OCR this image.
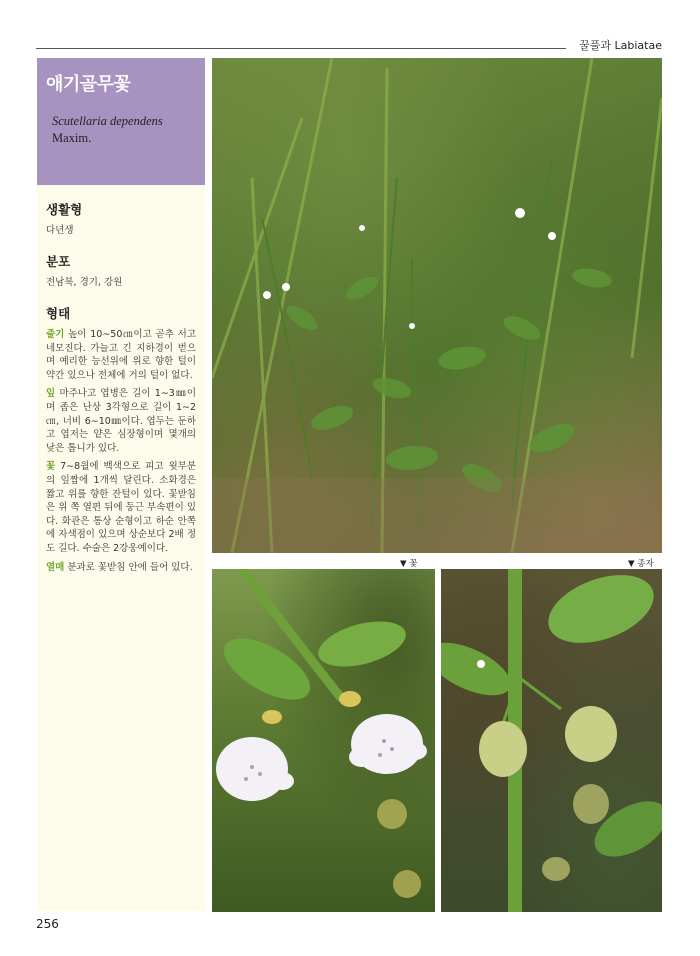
꿀풀과 Labiatae
애기골무꽃
Scutellaria dependens
Maxim.
생활형
다년생
분포
전남북, 경기, 강원
형태

줄기 높이 10∼50㎝이고 곧추 서고 네모진다. 가늘고 긴 지하경이 벋으며 예리한 능선위에 위로 향한 털이 약간 있으나 전체에 거의 털이 없다.

잎 마주나고 엽병은 길이 1∼3㎜이며 좁은 난상 3각형으로 길이 1∼2㎝, 너비 6∼10㎜이다. 엽두는 둔하고 엽저는 얕은 심장형이며 몇개의 낮은 톱니가 있다.

꽃 7∼8월에 백색으로 피고 윗부분의 잎짬에 1개씩 달린다. 소화경은 짧고 위를 향한 잔털이 있다. 꽃받침은 위 쪽 열편 뒤에 둥근 부속편이 있다. 화관은 통상 순형이고 하순 안쪽에 자색점이 있으며 상순보다 2배 정도 길다. 수술은 2강웅예이다.

열매 분과로 꽃받침 안에 들어 있다.	▼ 꽃	▼ 종자
256
